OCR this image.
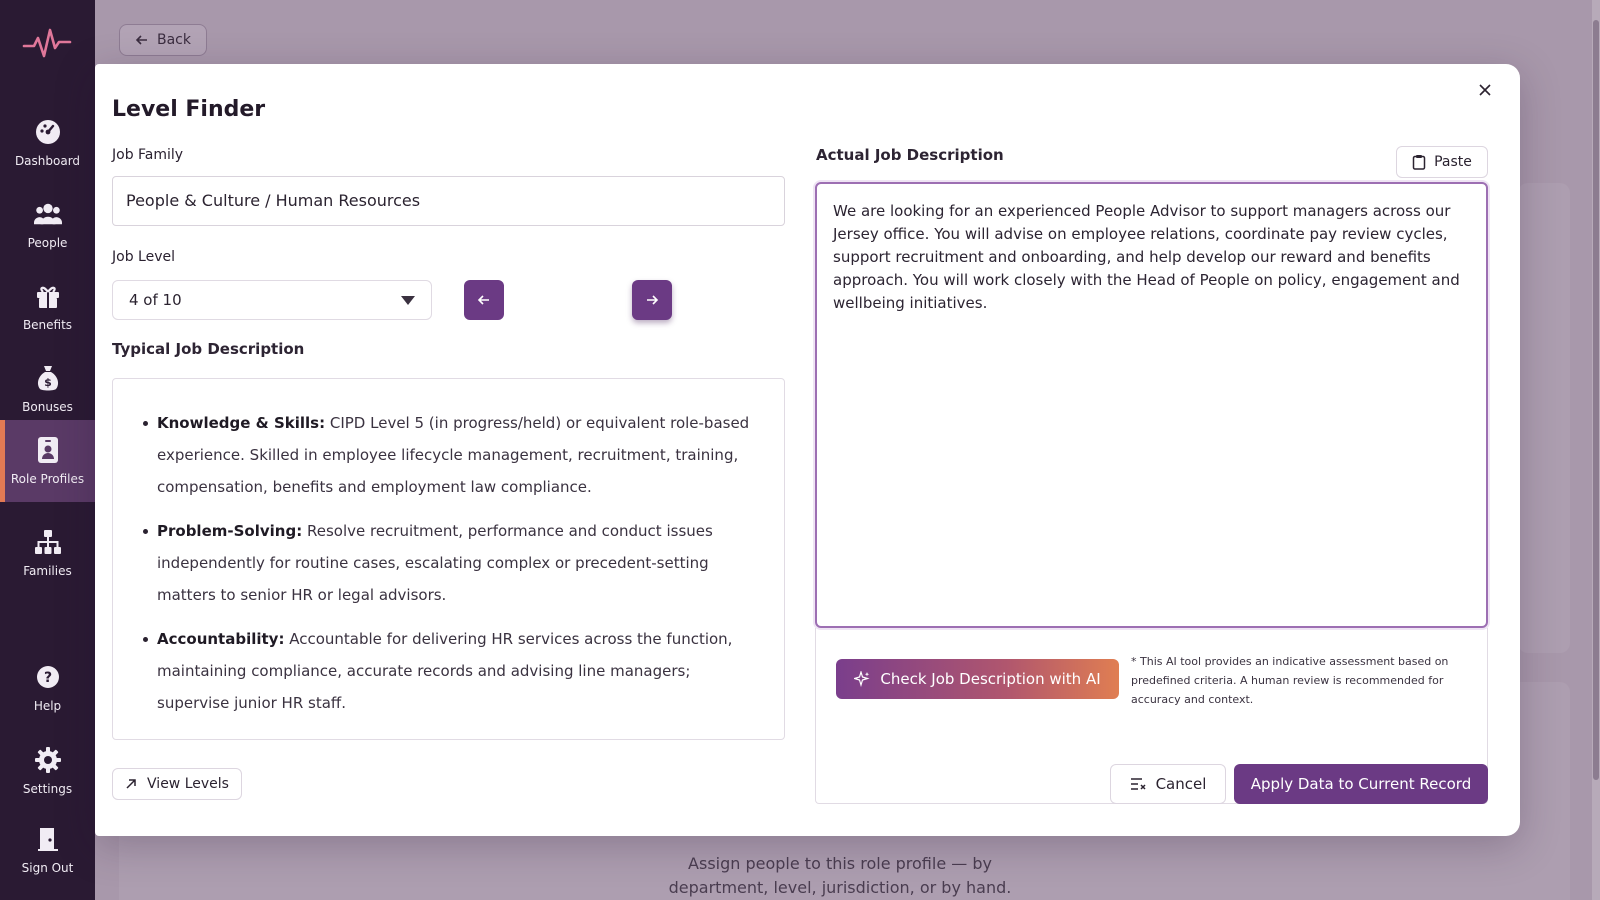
Back
Assign people to this role profile — by department, level, jurisdiction, or by hand.
Dashboard
People
Benefits
$
Bonuses
Role Profiles
Families
?
Help
Settings
Sign Out
Level Finder
Job Family
People & Culture / Human Resources
Job Level
4 of 10
Typical Job Description
Knowledge & Skills: CIPD Level 5 (in progress/held) or equivalent role-based experience. Skilled in employee lifecycle management, recruitment, training, compensation, benefits and employment law compliance.
Problem-Solving: Resolve recruitment, performance and conduct issues independently for routine cases, escalating complex or precedent-setting matters to senior HR or legal advisors.
Accountability: Accountable for delivering HR services across the function, maintaining compliance, accurate records and advising line managers; supervise junior HR staff.
Actual Job Description	Paste
We are looking for an experienced People Advisor to support managers across our Jersey office. You will advise on employee relations, coordinate pay review cycles, support recruitment and onboarding, and help develop our reward and benefits approach. You will work closely with the Head of People on policy, engagement and wellbeing initiatives.
Check Job Description with AI
* This AI tool provides an indicative assessment based on predefined criteria. A human review is recommended for accuracy and context.
View Levels	Cancel	Apply Data to Current Record
